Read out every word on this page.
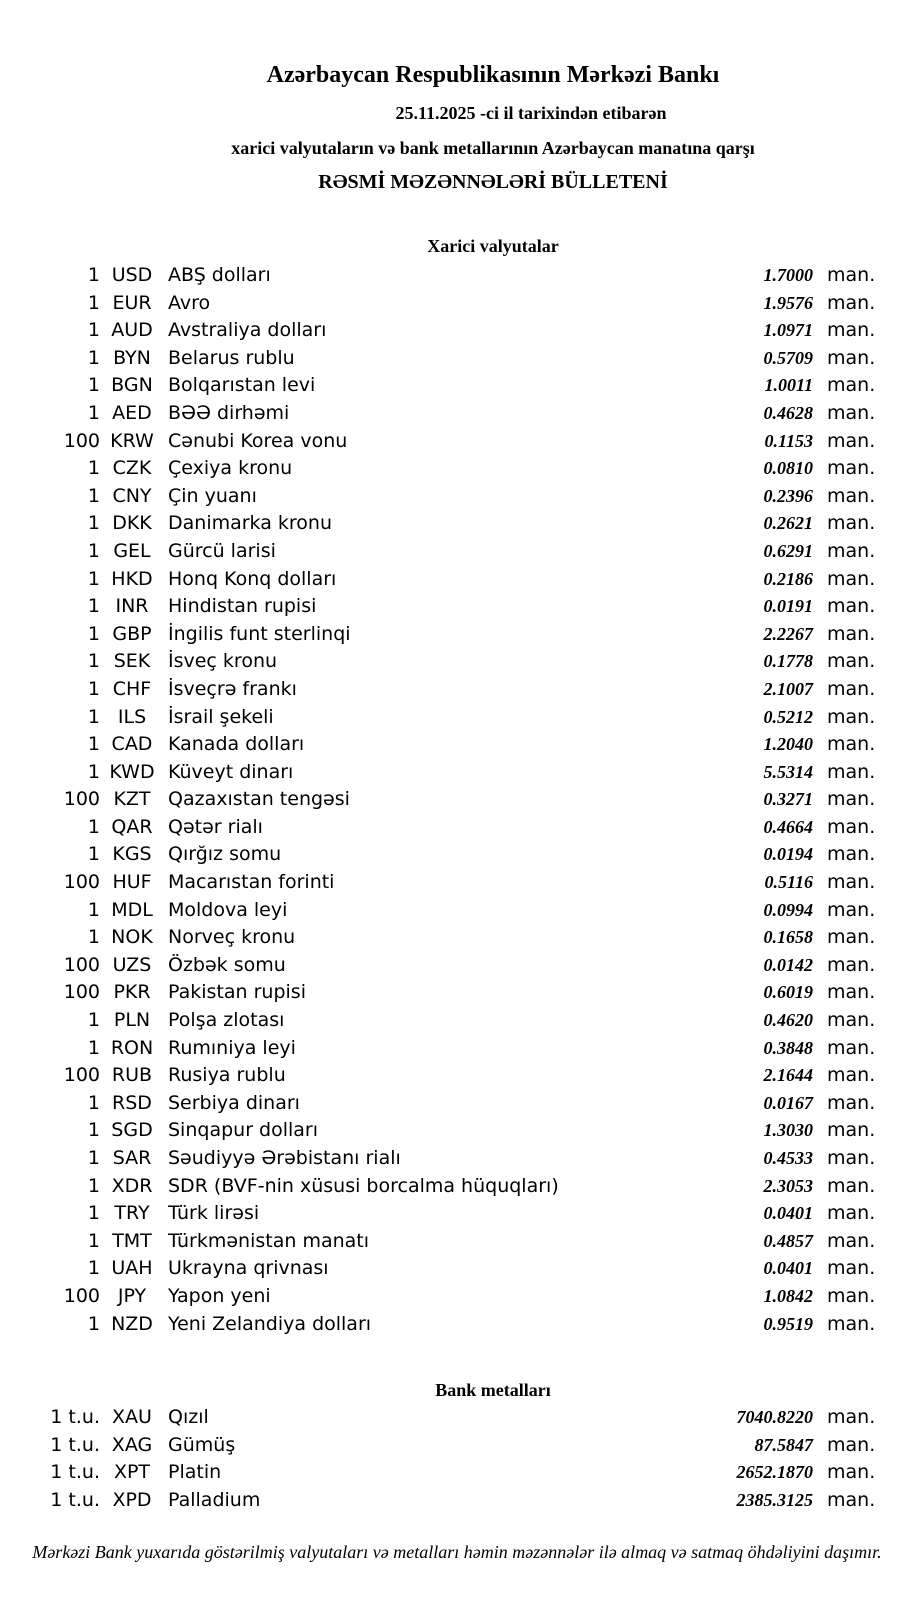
Azərbaycan Respublikasının Mərkəzi Bankı
25.11.2025 -ci il tarixindən etibarən
xarici valyutaların və bank metallarının Azərbaycan manatına qarşı
RƏSMİ MƏZƏNNƏLƏRİ BÜLLETENİ
Xarici valyutalar
1 USD ABŞ dolları	1.7000 man.
1 EUR Avro	1.9576 man.
1 AUD Avstraliya dolları	1.0971 man.
1 BYN Belarus rublu	0.5709 man.
1 BGN Bolqarıstan levi	1.0011 man.
1 AED BƏƏ dirhəmi	0.4628 man.
100 KRW Cənubi Korea vonu	0.1153 man.
1 CZK Çexiya kronu	0.0810 man.
1 CNY Çin yuanı	0.2396 man.
1 DKK Danimarka kronu	0.2621 man.
1 GEL Gürcü larisi	0.6291 man.
1 HKD Honq Konq dolları	0.2186 man.
1 INR	Hindistan rupisi	0.0191 man.
1 GBP İngilis funt sterlinqi	2.2267 man.
1 SEK İsveç kronu	0.1778 man.
1 CHF İsveçrə frankı	2.1007 man.
1 ILS	İsrail şekeli	0.5212 man.
1 CAD Kanada dolları	1.2040 man.
1 KWD Küveyt dinarı	5.5314 man.
100 KZT Qazaxıstan tengəsi	0.3271 man.
1 QAR Qətər rialı	0.4664 man.
1 KGS Qırğız somu	0.0194 man.
100 HUF Macarıstan forinti	0.5116 man.
1 MDL Moldova leyi	0.0994 man.
1 NOK Norveç kronu	0.1658 man.
100 UZS Özbək somu	0.0142 man.
100 PKR Pakistan rupisi	0.6019 man.
1 PLN Polşa zlotası	0.4620 man.
1 RON Rumıniya leyi	0.3848 man.
100 RUB Rusiya rublu	2.1644 man.
1 RSD Serbiya dinarı	0.0167 man.
1 SGD Sinqapur dolları	1.3030 man.
1 SAR Səudiyyə Ərəbistanı rialı	0.4533 man.
1 XDR SDR (BVF-nin xüsusi borcalma hüquqları)	2.3053 man.
1 TRY Türk lirəsi	0.0401 man.
1 TMT Türkmənistan manatı	0.4857 man.
1 UAH Ukrayna qrivnası	0.0401 man.
100 JPY	Yapon yeni	1.0842 man.
1 NZD Yeni Zelandiya dolları	0.9519 man.
Bank metalları
1 t.u. XAU Qızıl	7040.8220 man.
1 t.u. XAG Gümüş	87.5847 man.
1 t.u. XPT Platin	2652.1870 man.
1 t.u. XPD Palladium	2385.3125 man.
Mərkəzi Bank yuxarıda göstərilmiş valyutaları və metalları həmin məzənnələr ilə almaq və satmaq öhdəliyini daşımır.
